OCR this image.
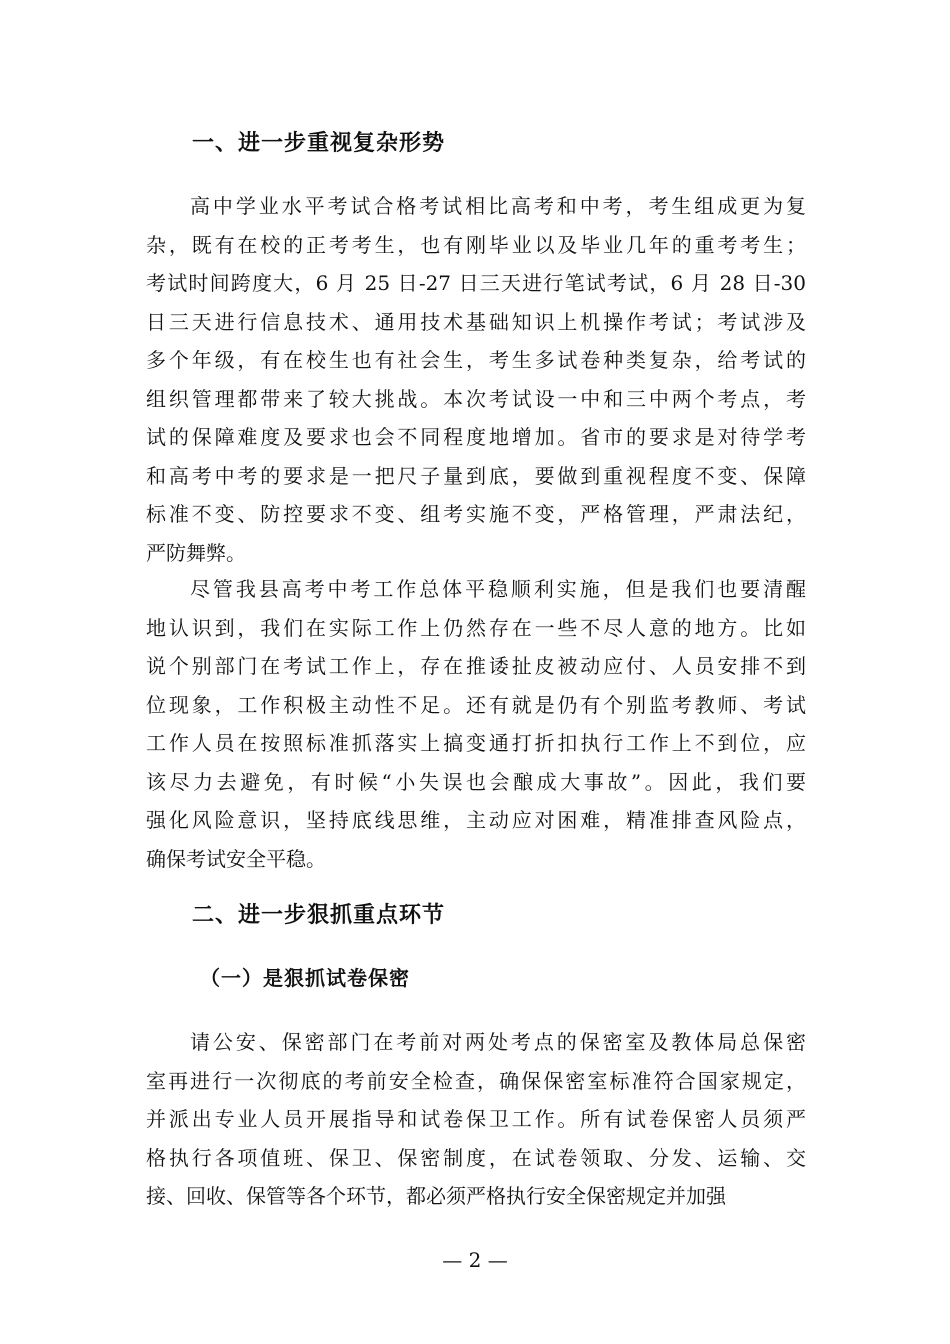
一、进一步重视复杂形势
高中学业水平考试合格考试相比高考和中考，考生组成更为复
杂，既有在校的正考考生，也有刚毕业以及毕业几年的重考考生；
考试时间跨度大，6 月 25 日-27 日三天进行笔试考试，6 月 28 日-30
日三天进行信息技术、通用技术基础知识上机操作考试；考试涉及
多个年级，有在校生也有社会生，考生多试卷种类复杂，给考试的
组织管理都带来了较大挑战。本次考试设一中和三中两个考点，考
试的保障难度及要求也会不同程度地增加。省市的要求是对待学考
和高考中考的要求是一把尺子量到底，要做到重视程度不变、保障
标准不变、防控要求不变、组考实施不变，严格管理，严肃法纪，
严防舞弊。
尽管我县高考中考工作总体平稳顺利实施，但是我们也要清醒
地认识到，我们在实际工作上仍然存在一些不尽人意的地方。比如
说个别部门在考试工作上，存在推诿扯皮被动应付、人员安排不到
位现象，工作积极主动性不足。还有就是仍有个别监考教师、考试
工作人员在按照标准抓落实上搞变通打折扣执行工作上不到位，应
该尽力去避免，有时候“小失误也会酿成大事故”。因此，我们要
强化风险意识，坚持底线思维，主动应对困难，精准排查风险点，
确保考试安全平稳。
二、进一步狠抓重点环节
（一）是狠抓试卷保密
请公安、保密部门在考前对两处考点的保密室及教体局总保密
室再进行一次彻底的考前安全检查，确保保密室标准符合国家规定，
并派出专业人员开展指导和试卷保卫工作。所有试卷保密人员须严
格执行各项值班、保卫、保密制度，在试卷领取、分发、运输、交
接、回收、保管等各个环节，都必须严格执行安全保密规定并加强
— 2 —
